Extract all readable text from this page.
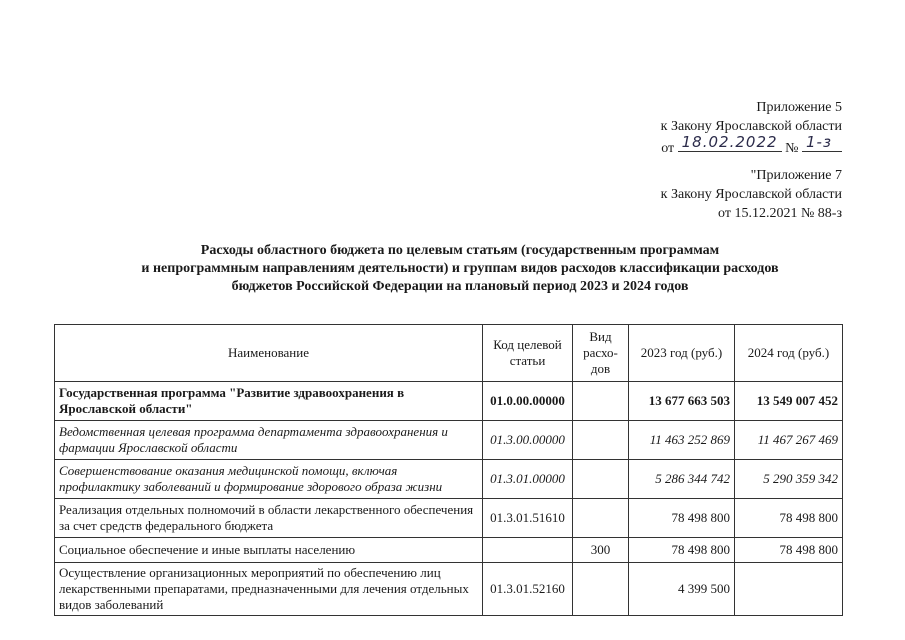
Приложение 5
к Закону Ярославской области
от 18.02.2022 № 1-з
"Приложение 7
к Закону Ярославской области
от 15.12.2021 № 88-з
Расходы областного бюджета по целевым статьям (государственным программам
и непрограммным направлениям деятельности) и группам видов расходов классификации расходов
бюджетов Российской Федерации на плановый период 2023 и 2024 годов
Наименование	Код целевой статьи	Вид расхо-дов	2023 год (руб.)	2024 год (руб.)
Государственная программа "Развитие здравоохранения в Ярославской области"	01.0.00.00000		13 677 663 503	13 549 007 452
Ведомственная целевая программа департамента здравоохранения и фармации Ярославской области	01.3.00.00000		11 463 252 869	11 467 267 469
Совершенствование оказания медицинской помощи, включая профилактику заболеваний и формирование здорового образа жизни	01.3.01.00000		5 286 344 742	5 290 359 342
Реализация отдельных полномочий в области лекарственного обеспечения за счет средств федерального бюджета	01.3.01.51610		78 498 800	78 498 800
Социальное обеспечение и иные выплаты населению		300	78 498 800	78 498 800
Осуществление организационных мероприятий по обеспечению лиц лекарственными препаратами, предназначенными для лечения отдельных видов заболеваний	01.3.01.52160		4 399 500	
